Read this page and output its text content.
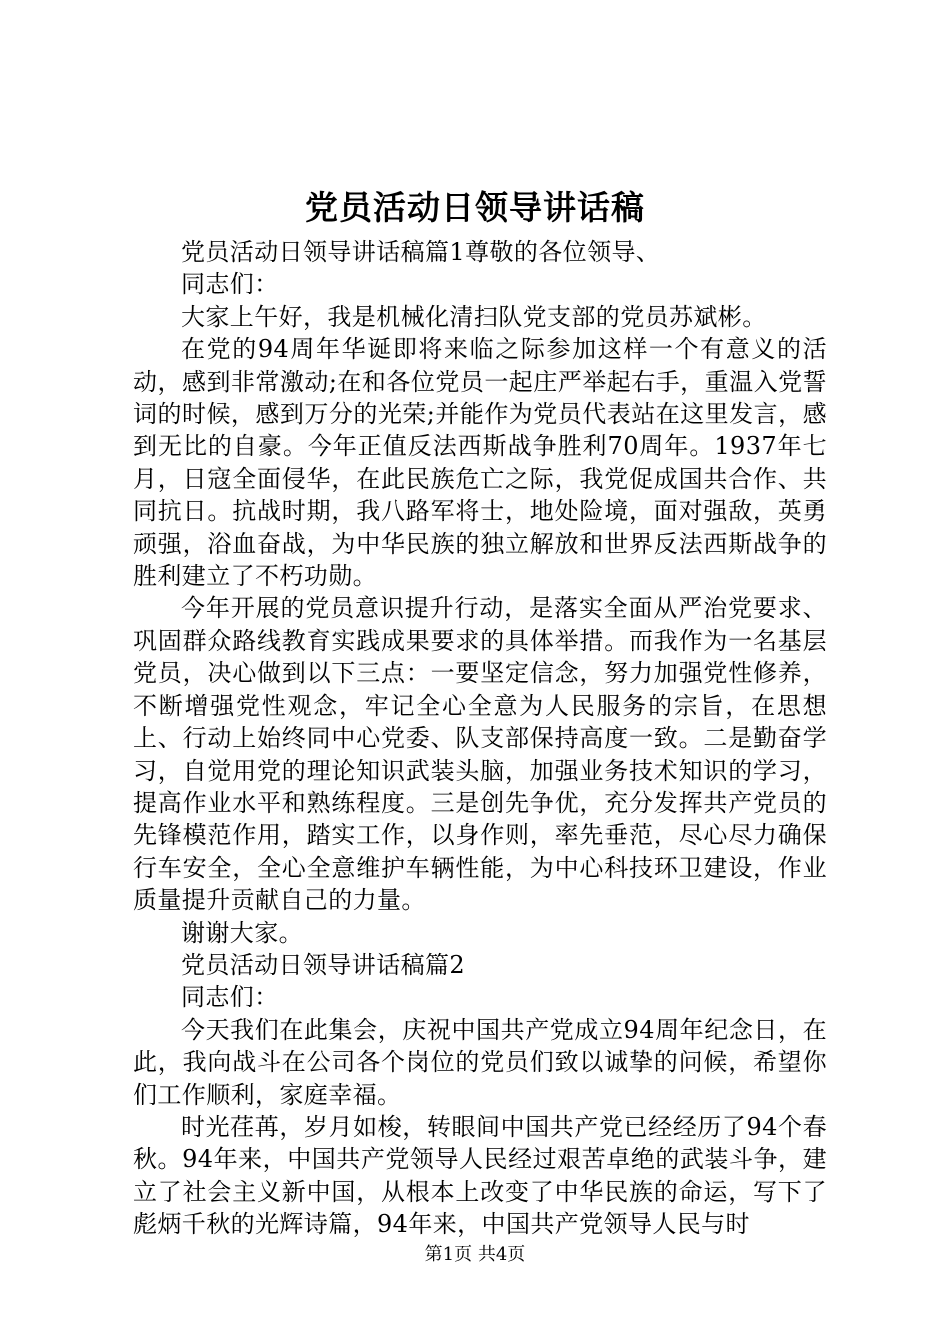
党员活动日领导讲话稿

党员活动日领导讲话稿篇1尊敬的各位领导、

同志们：

大家上午好，我是机械化清扫队党支部的党员苏斌彬。

在党的94周年华诞即将来临之际参加这样一个有意义的活动，感到非常激动;在和各位党员一起庄严举起右手，重温入党誓词的时候，感到万分的光荣;并能作为党员代表站在这里发言，感到无比的自豪。今年正值反法西斯战争胜利70周年。1937年七月，日寇全面侵华，在此民族危亡之际，我党促成国共合作、共同抗日。抗战时期，我八路军将士，地处险境，面对强敌，英勇顽强，浴血奋战，为中华民族的独立解放和世界反法西斯战争的胜利建立了不朽功勋。

今年开展的党员意识提升行动，是落实全面从严治党要求、巩固群众路线教育实践成果要求的具体举措。而我作为一名基层党员，决心做到以下三点：一要坚定信念，努力加强党性修养，不断增强党性观念，牢记全心全意为人民服务的宗旨，在思想上、行动上始终同中心党委、队支部保持高度一致。二是勤奋学习，自觉用党的理论知识武装头脑，加强业务技术知识的学习，提高作业水平和熟练程度。三是创先争优，充分发挥共产党员的先锋模范作用，踏实工作，以身作则，率先垂范，尽心尽力确保行车安全，全心全意维护车辆性能，为中心科技环卫建设，作业质量提升贡献自己的力量。

谢谢大家。

党员活动日领导讲话稿篇2

同志们：

今天我们在此集会，庆祝中国共产党成立94周年纪念日，在此，我向战斗在公司各个岗位的党员们致以诚挚的问候，希望你们工作顺利，家庭幸福。

时光荏苒，岁月如梭，转眼间中国共产党已经经历了94个春秋。94年来，中国共产党领导人民经过艰苦卓绝的武装斗争，建立了社会主义新中国，从根本上改变了中华民族的命运，写下了彪炳千秋的光辉诗篇，94年来，中国共产党领导人民与时

第1页 共4页
